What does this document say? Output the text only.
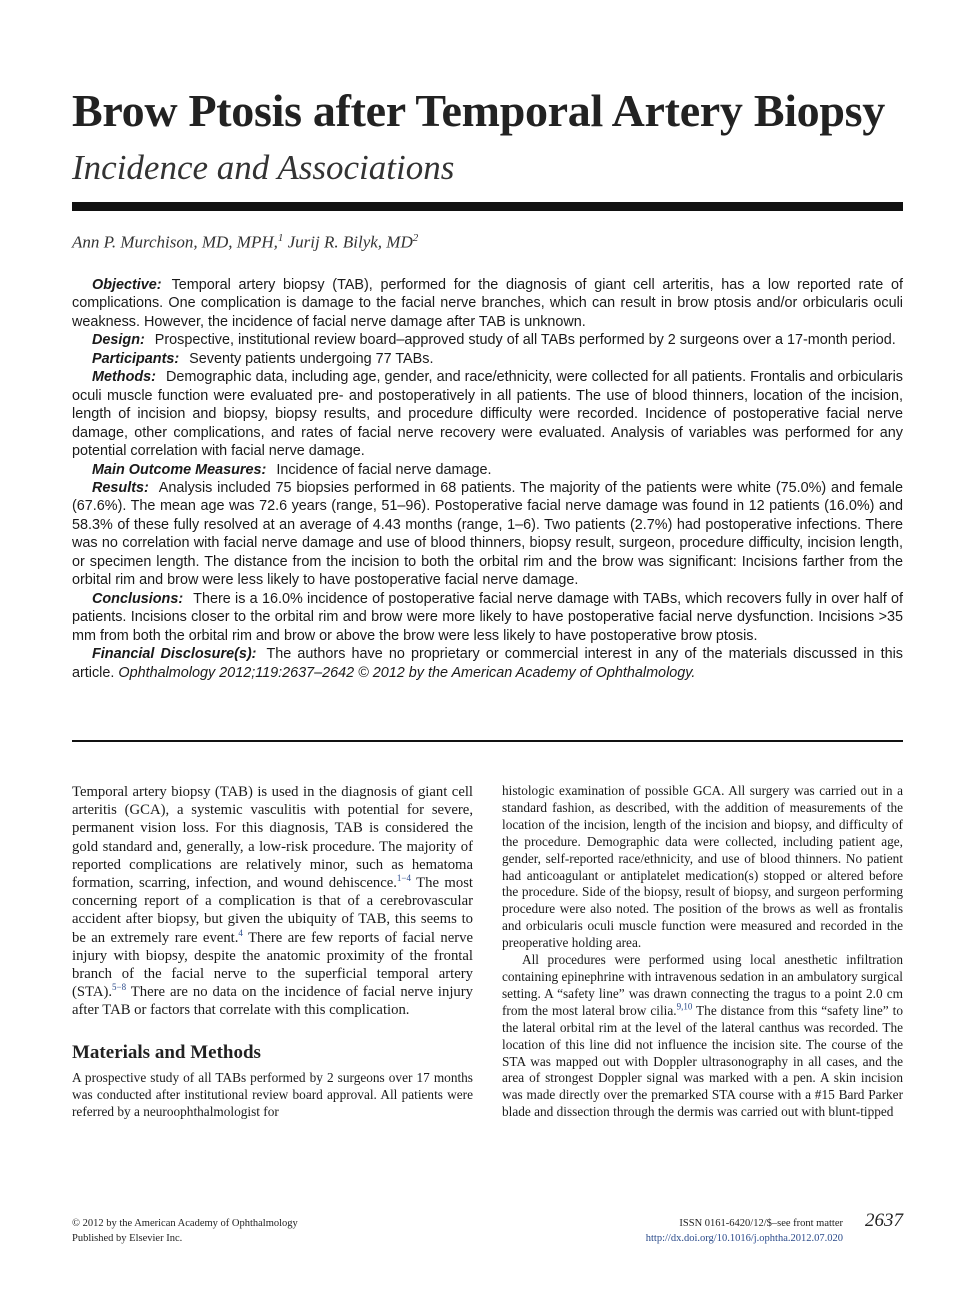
Brow Ptosis after Temporal Artery Biopsy
Incidence and Associations
Ann P. Murchison, MD, MPH,$^1$ Jurij R. Bilyk, $MD^2$

Objective: Temporal artery biopsy (TAB), performed for the diagnosis of giant cell arteritis, has a low reported rate of complications. One complication is damage to the facial nerve branches, which can result in brow ptosis and/or orbicularis oculi weakness. However, the incidence of facial nerve damage after TAB is unknown.

Design: Prospective, institutional review board–approved study of all TABs performed by 2 surgeons over a 17-month period.

Participants: Seventy patients undergoing 77 TABs.

Methods: Demographic data, including age, gender, and race/ethnicity, were collected for all patients. Frontalis and orbicularis oculi muscle function were evaluated pre- and postoperatively in all patients. The use of blood thinners, location of the incision, length of incision and biopsy, biopsy results, and procedure difficulty were recorded. Incidence of postoperative facial nerve damage, other complications, and rates of facial nerve recovery were evaluated. Analysis of variables was performed for any potential correlation with facial nerve damage.

Main Outcome Measures: Incidence of facial nerve damage.

Results: Analysis included 75 biopsies performed in 68 patients. The majority of the patients were white (75.0%) and female (67.6%). The mean age was 72.6 years (range, 51–96). Postoperative facial nerve damage was found in 12 patients (16.0%) and 58.3% of these fully resolved at an average of 4.43 months (range, 1–6). Two patients (2.7%) had postoperative infections. There was no correlation with facial nerve damage and use of blood thinners, biopsy result, surgeon, procedure difficulty, incision length, or specimen length. The distance from the incision to both the orbital rim and the brow was significant: Incisions farther from the orbital rim and brow were less likely to have postoperative facial nerve damage.

Conclusions: There is a 16.0% incidence of postoperative facial nerve damage with TABs, which recovers fully in over half of patients. Incisions closer to the orbital rim and brow were more likely to have postoperative facial nerve dysfunction. Incisions >35 mm from both the orbital rim and brow or above the brow were less likely to have postoperative brow ptosis.

Financial Disclosure(s): The authors have no proprietary or commercial interest in any of the materials discussed in this article. Ophthalmology 2012;119:2637–2642 © 2012 by the American Academy of Ophthalmology.

Temporal artery biopsy (TAB) is used in the diagnosis of giant cell arteritis (GCA), a systemic vasculitis with potential for severe, permanent vision loss. For this diagnosis, TAB is considered the gold standard and, generally, a low-risk procedure. The majority of reported complications are relatively minor, such as hematoma formation, scarring, infection, and wound dehiscence.$^{1-4}$ The most concerning report of a complication is that of a cerebrovascular accident after biopsy, but given the ubiquity of TAB, this seems to be an extremely rare event.$^4$ There are few reports of facial nerve injury with biopsy, despite the anatomic proximity of the frontal branch of the facial nerve to the superficial temporal artery (STA).$^{5-8}$ There are no data on the incidence of facial nerve injury after TAB or factors that correlate with this complication.

Materials and Methods

A prospective study of all TABs performed by 2 surgeons over 17 months was conducted after institutional review board approval. All patients were referred by a neuroophthalmologist for

histologic examination of possible GCA. All surgery was carried out in a standard fashion, as described, with the addition of measurements of the location of the incision, length of the incision and biopsy, and difficulty of the procedure. Demographic data were collected, including patient age, gender, self-reported race/ethnicity, and use of blood thinners. No patient had anticoagulant or antiplatelet medication(s) stopped or altered before the procedure. Side of the biopsy, result of biopsy, and surgeon performing procedure were also noted. The position of the brows as well as frontalis and orbicularis oculi muscle function were measured and recorded in the preoperative holding area.

All procedures were performed using local anesthetic infiltration containing epinephrine with intravenous sedation in an ambulatory surgical setting. A “safety line” was drawn connecting the tragus to a point 2.0 cm from the most lateral brow cilia.$^{9,10}$ The distance from this “safety line” to the lateral orbital rim at the level of the lateral canthus was recorded. The location of this line did not influence the incision site. The course of the STA was mapped out with Doppler ultrasonography in all cases, and the area of strongest Doppler signal was marked with a pen. A skin incision was made directly over the premarked STA course with a #15 Bard Parker blade and dissection through the dermis was carried out with blunt-tipped

© 2012 by the American Academy of Ophthalmology
Published by Elsevier Inc.
ISSN 0161-6420/12/$–see front matter
http://dx.doi.org/10.1016/j.ophtha.2012.07.020
2637
